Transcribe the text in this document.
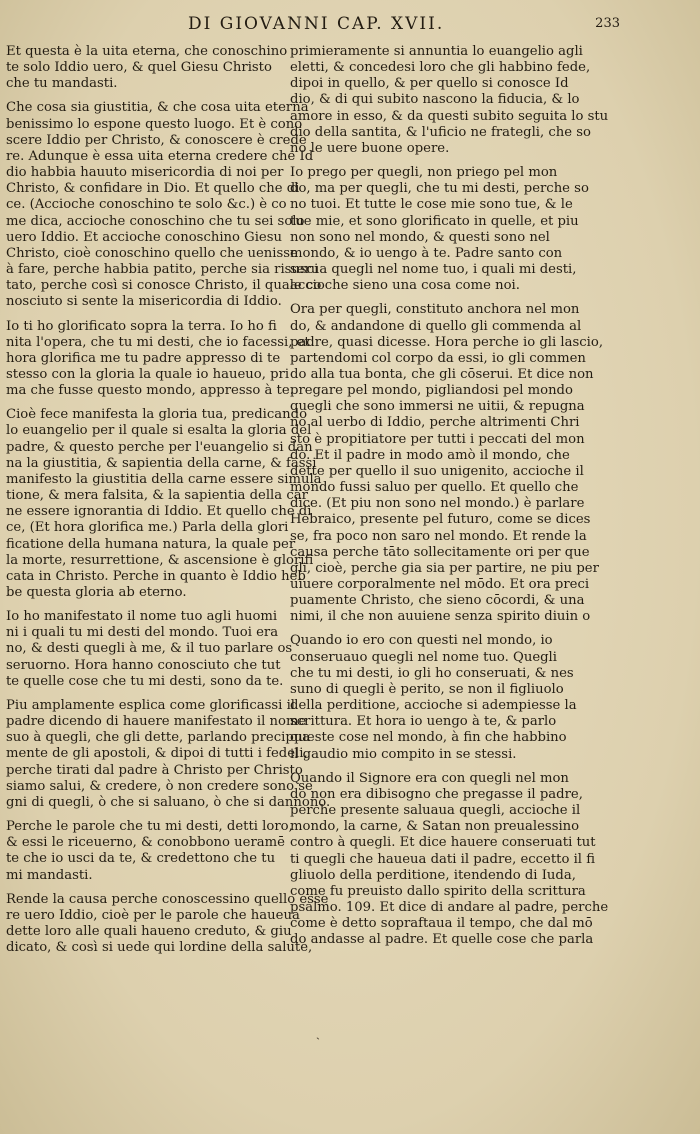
DI GIOVANNI CAP. XVII.	233
Et questa è la uita eterna, che conoschino
te solo Iddio uero, & quel Giesu Christo
che tu mandasti.
Che cosa sia giustitia, & che cosa uita eterna
benissimo lo espone questo luogo. Et è cono
scere Iddio per Christo, & conoscere è crede
re. Adunque è essa uita eterna credere che Id
dio habbia hauuto misericordia di noi per
Christo, & confidare in Dio. Et quello che di
ce. (Accioche conoschino te solo &c.) è co
me dica, accioche conoschino che tu sei solo
uero Iddio. Et accioche conoschino Giesu
Christo, cioè conoschino quello che uenisse
à fare, perche habbia patito, perche sia risusci
tato, perche così si conosce Christo, il quale co
nosciuto si sente la misericordia di Iddio.
Io ti ho glorificato sopra la terra. Io ho fi
nita l'opera, che tu mi desti, che io facessi, et
hora glorifica me tu padre appresso di te
stesso con la gloria la quale io haueuo, pri
ma che fusse questo mondo, appresso à te.
Cioè fece manifesta la gloria tua, predicando
lo euangelio per il quale si esalta la gloria del
padre, & questo perche per l'euangelio si dan
na la giustitia, & sapientia della carne, & fassi
manifesto la giustitia della carne essere simula
tione, & mera falsita, & la sapientia della car
ne essere ignorantia di Iddio. Et quello che di
ce, (Et hora glorifica me.) Parla della glori
ficatione della humana natura, la quale per
la morte, resurrettione, & ascensione è glorifi
cata in Christo. Perche in quanto è Iddio heb
be questa gloria ab eterno.
Io ho manifestato il nome tuo agli huomi
ni i quali tu mi desti del mondo. Tuoi era
no, & desti quegli à me, & il tuo parlare os
seruorno. Hora hanno conosciuto che tut
te quelle cose che tu mi desti, sono da te.
Piu amplamente esplica come glorificassi il
padre dicendo di hauere manifestato il nome
suo à quegli, che gli dette, parlando precipua
mente de gli apostoli, & dipoi di tutti i fedeli,
perche tirati dal padre à Christo per Christo
siamo salui, & credere, ò non credere sono se
gni di quegli, ò che si saluano, ò che si dannono.
Perche le parole che tu mi desti, detti loro,
& essi le riceuerno, & conobbono ueramē
te che io usci da te, & credettono che tu
mi mandasti.
Rende la causa perche conoscessino quello esse
re uero Iddio, cioè per le parole che haueua
dette loro alle quali haueno creduto, & giu
dicato, & così si uede qui lordine della salute,
primieramente si annuntia lo euangelio agli
eletti, & concedesi loro che gli habbino fede,
dipoi in quello, & per quello si conosce Id
dio, & di qui subito nascono la fiducia, & lo
amore in esso, & da questi subito seguita lo stu
dio della santita, & l'uficio ne frategli, che so
no le uere buone opere.
Io prego per quegli, non priego pel mon
do, ma per quegli, che tu mi desti, perche so
no tuoi. Et tutte le cose mie sono tue, & le
tue mie, et sono glorificato in quelle, et piu
non sono nel mondo, & questi sono nel
mondo, & io uengo à te. Padre santo con
serua quegli nel nome tuo, i quali mi desti,
accioche sieno una cosa come noi.
Ora per quegli, constituto anchora nel mon
do, & andandone di quello gli commenda al
padre, quasi dicesse. Hora perche io gli lascio,
partendomi col corpo da essi, io gli commen
do alla tua bonta, che gli cōserui. Et dice non
pregare pel mondo, pigliandosi pel mondo
quegli che sono immersi ne uitii, & repugna
no al uerbo di Iddio, perche altrimenti Chri
sto è propitiatore per tutti i peccati del mon
do. Et il padre in modo amò il mondo, che
dette per quello il suo unigenito, accioche il
mondo fussi saluo per quello. Et quello che
dice. (Et piu non sono nel mondo.) è parlare
Hebraico, presente pel futuro, come se dices
se, fra poco non saro nel mondo. Et rende la
causa perche tāto sollecitamente ori per que
gli, cioè, perche gia sia per partire, ne piu per
uiuere corporalmente nel mōdo. Et ora preci
puamente Christo, che sieno cōcordi, & una
nimi, il che non auuiene senza spirito diuin o
Quando io ero con questi nel mondo, io
conseruauo quegli nel nome tuo. Quegli
che tu mi desti, io gli ho conseruati, & nes
suno di quegli è perito, se non il figliuolo
della perditione, accioche si adempiesse la
scrittura. Et hora io uengo à te, & parlo
queste cose nel mondo, à fin che habbino
il gaudio mio compito in se stessi.
Quando il Signore era con quegli nel mon
do non era dibisogno che pregasse il padre,
perche presente saluaua quegli, accioche il
mondo, la carne, & Satan non preualessino
contro à quegli. Et dice hauere conseruati tut
ti quegli che haueua dati il padre, eccetto il fi
gliuolo della perditione, itendendo di Iuda,
come fu preuisto dallo spirito della scrittura
psalmo. 109. Et dice di andare al padre, perche
come è detto sopraftaua il tempo, che dal mō
do andasse al padre. Et quelle cose che parla
ˎ
